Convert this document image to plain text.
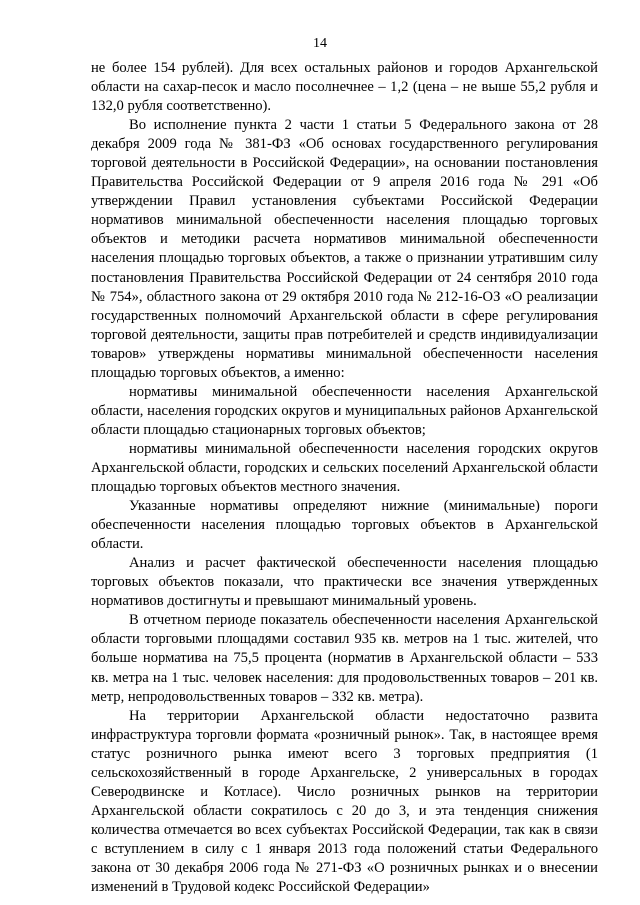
14

не более 154 рублей). Для всех остальных районов и городов Архангельской области на сахар-песок и масло посолнечнее – 1,2 (цена – не выше 55,2 рубля и 132,0 рубля соответственно).

Во исполнение пункта 2 части 1 статьи 5 Федерального закона от 28 декабря 2009 года № 381-ФЗ «Об основах государственного регулирования торговой деятельности в Российской Федерации», на основании постановления Правительства Российской Федерации от 9 апреля 2016 года № 291 «Об утверждении Правил установления субъектами Российской Федерации нормативов минимальной обеспеченности населения площадью торговых объектов и методики расчета нормативов минимальной обеспеченности населения площадью торговых объектов, а также о признании утратившим силу постановления Правительства Российской Федерации от 24 сентября 2010 года № 754», областного закона от 29 октября 2010 года № 212-16-ОЗ «О реализации государственных полномочий Архангельской области в сфере регулирования торговой деятельности, защиты прав потребителей и средств индивидуализации товаров» утверждены нормативы минимальной обеспеченности населения площадью торговых объектов, а именно:

нормативы минимальной обеспеченности населения Архангельской области, населения городских округов и муниципальных районов Архангельской области площадью стационарных торговых объектов;

нормативы минимальной обеспеченности населения городских округов Архангельской области, городских и сельских поселений Архангельской области площадью торговых объектов местного значения.

Указанные нормативы определяют нижние (минимальные) пороги обеспеченности населения площадью торговых объектов в Архангельской области.

Анализ и расчет фактической обеспеченности населения площадью торговых объектов показали, что практически все значения утвержденных нормативов достигнуты и превышают минимальный уровень.

В отчетном периоде показатель обеспеченности населения Архангельской области торговыми площадями составил 935 кв. метров на 1 тыс. жителей, что больше норматива на 75,5 процента (норматив в Архангельской области – 533 кв. метра на 1 тыс. человек населения: для продовольственных товаров – 201 кв. метр, непродовольственных товаров – 332 кв. метра).

На территории Архангельской области недостаточно развита инфраструктура торговли формата «розничный рынок». Так, в настоящее время статус розничного рынка имеют всего 3 торговых предприятия (1 сельскохозяйственный в городе Архангельске, 2 универсальных в городах Северодвинске и Котласе). Число розничных рынков на территории Архангельской области сократилось с 20 до 3, и эта тенденция снижения количества отмечается во всех субъектах Российской Федерации, так как в связи с вступлением в силу с 1 января 2013 года положений статьи Федерального закона от 30 декабря 2006 года № 271-ФЗ «О розничных рынках и о внесении изменений в Трудовой кодекс Российской Федерации»
